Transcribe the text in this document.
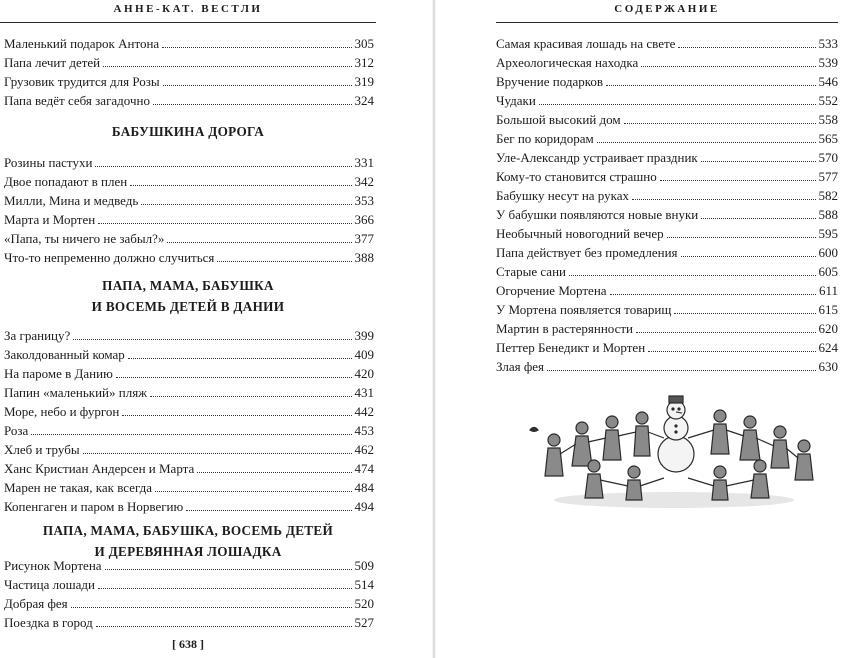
АННЕ-КАТ. ВЕСТЛИ
Маленький подарок Антона	305
Папа лечит детей	312
Грузовик трудится для Розы	319
Папа ведёт себя загадочно	324
БАБУШКИНА ДОРОГА
Розины пастухи	331
Двое попадают в плен	342
Милли, Мина и медведь	353
Марта и Мортен	366
«Папа, ты ничего не забыл?»	377
Что-то непременно должно случиться	388
ПАПА, МАМА, БАБУШКА
И ВОСЕМЬ ДЕТЕЙ В ДАНИИ
За границу?	399
Заколдованный комар	409
На пароме в Данию	420
Папин «маленький» пляж	431
Море, небо и фургон	442
Роза	453
Хлеб и трубы	462
Ханс Кристиан Андерсен и Марта	474
Марен не такая, как всегда	484
Копенгаген и паром в Норвегию	494
ПАПА, МАМА, БАБУШКА, ВОСЕМЬ ДЕТЕЙ
И ДЕРЕВЯННАЯ ЛОШАДКА
Рисунок Мортена	509
Частица лошади	514
Добрая фея	520
Поездка в город	527
[ 638 ]
СОДЕРЖАНИЕ
Самая красивая лошадь на свете	533
Археологическая находка	539
Вручение подарков	546
Чудаки	552
Большой высокий дом	558
Бег по коридорам	565
Уле-Александр устраивает праздник	570
Кому-то становится страшно	577
Бабушку несут на руках	582
У бабушки появляются новые внуки	588
Необычный новогодний вечер	595
Папа действует без промедления	600
Старые сани	605
Огорчение Мортена	611
У Мортена появляется товарищ	615
Мартин в растерянности	620
Петтер Бенедикт и Мортен	624
Злая фея	630
